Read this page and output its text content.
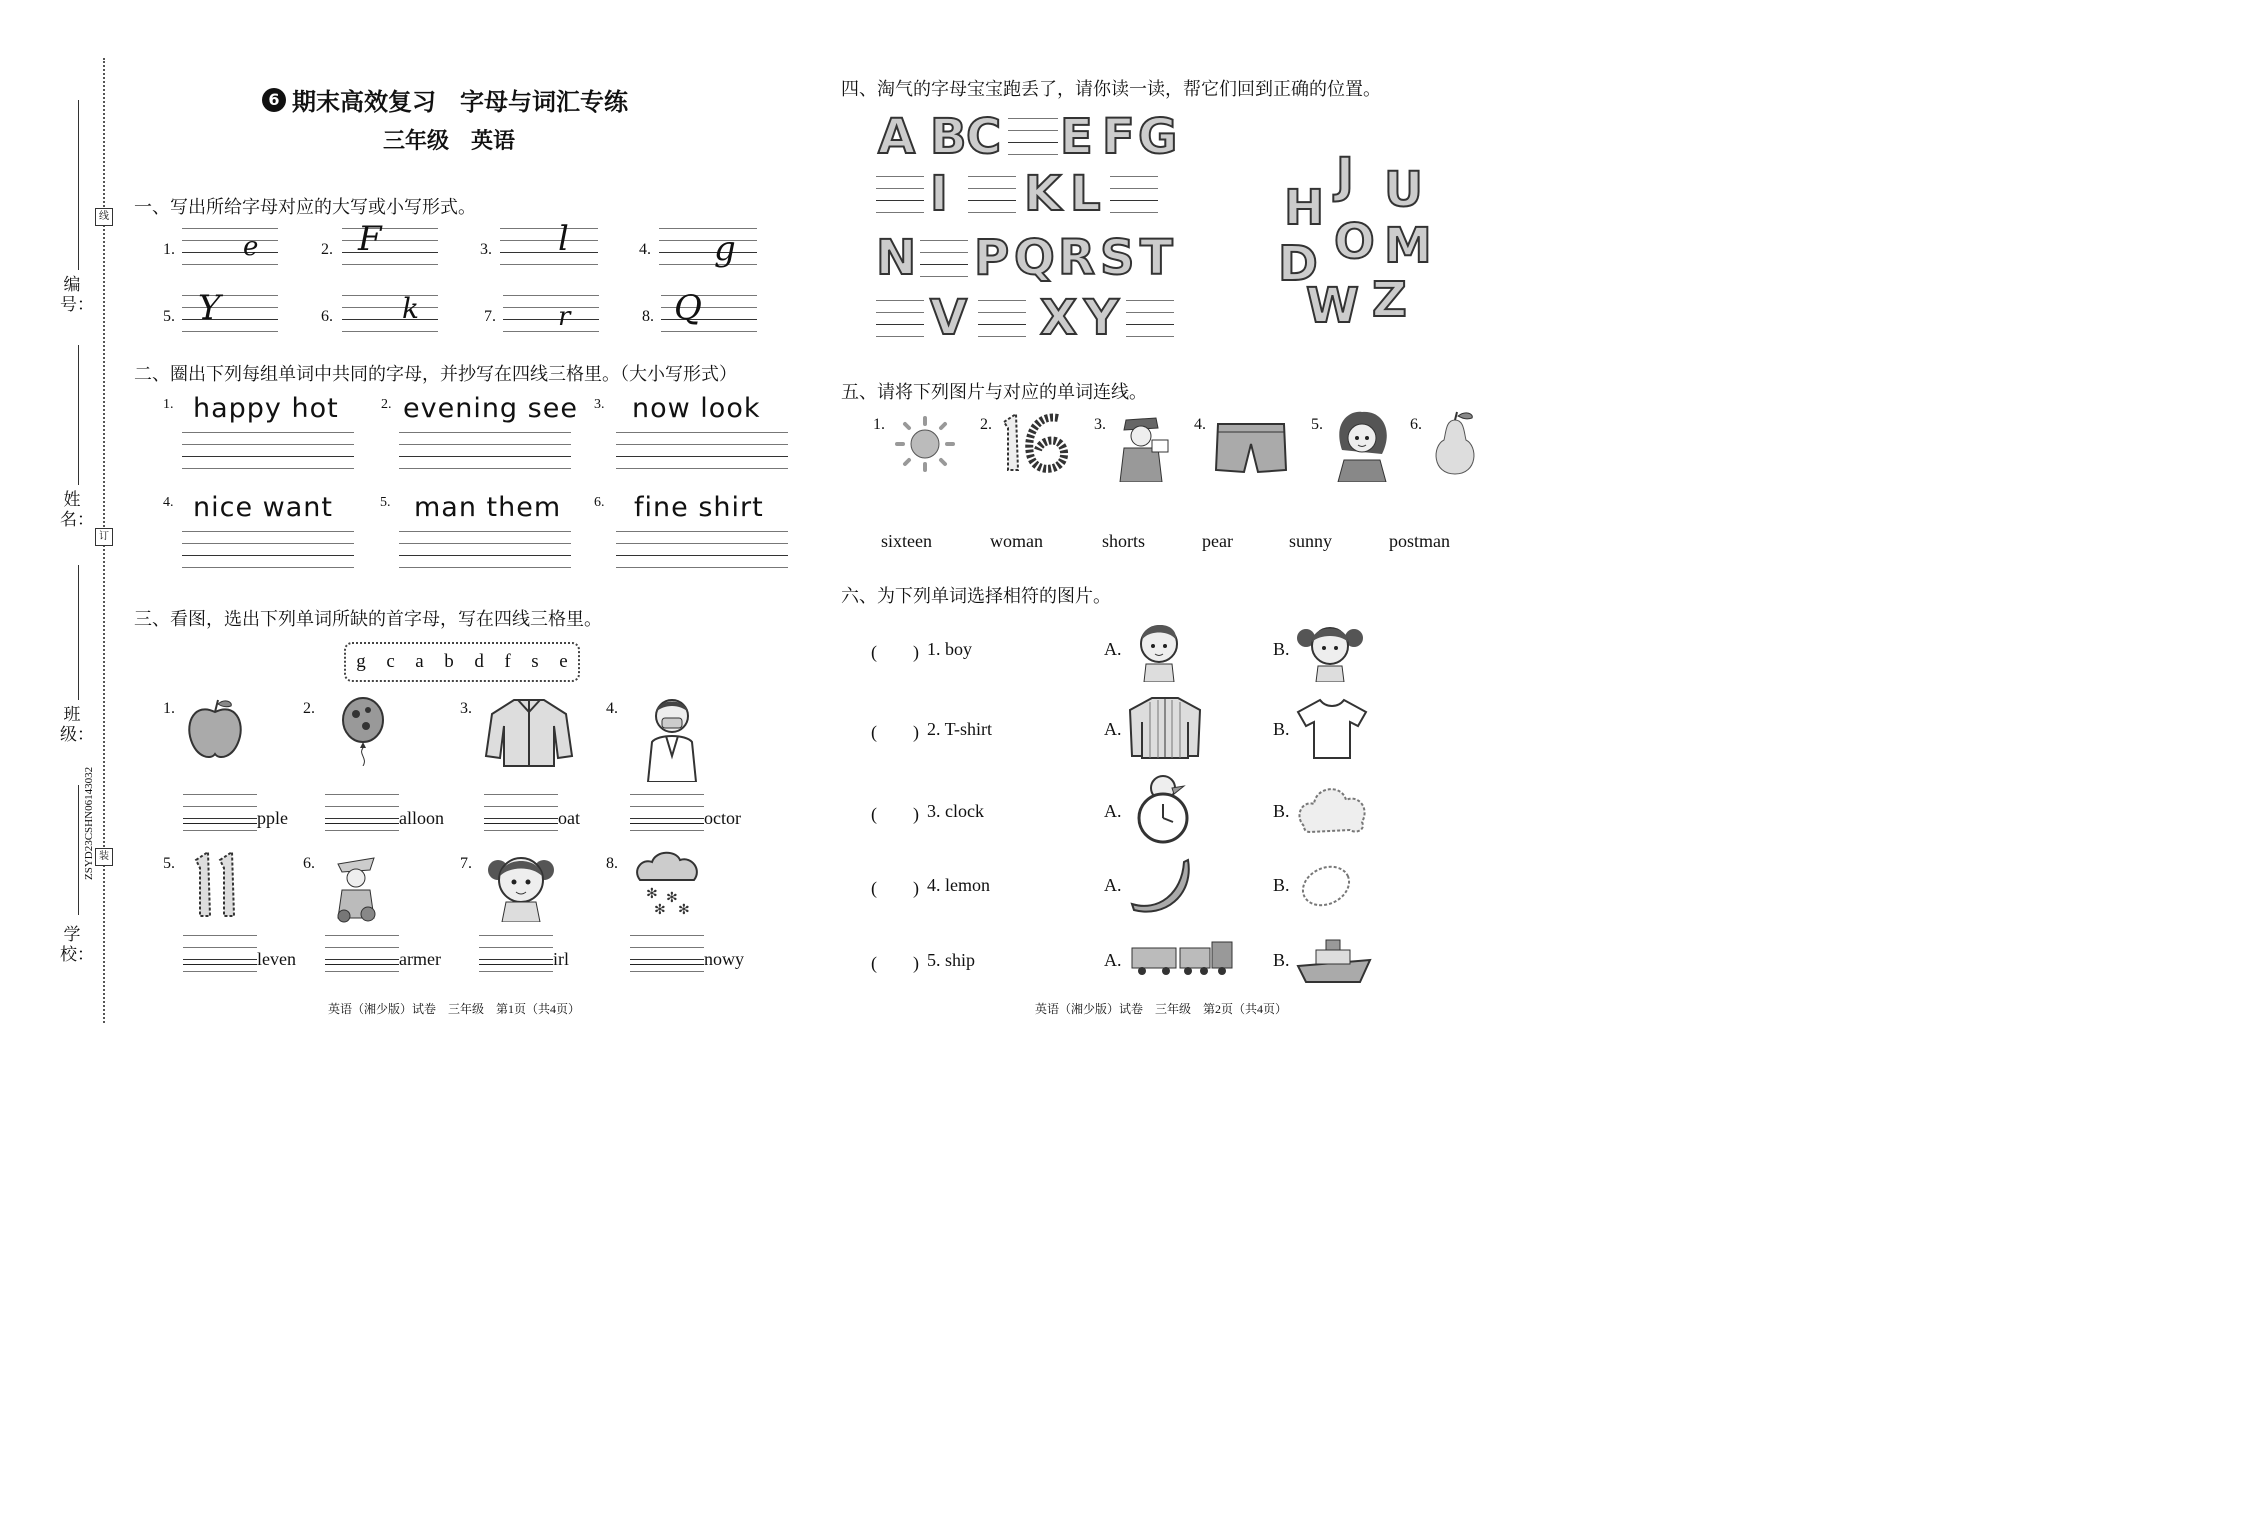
编号：
姓名：
班级：
学校：
线
订
装
ZSYD23CSHN06143032
6 期末高效复习　字母与词汇专练
三年级　英语
一、写出所给字母对应的大写或小写形式。
1.	e	2. F	3. l	4. g
5. Y	6. k	7. r	8. Q
二、圈出下列每组单词中共同的字母，并抄写在四线三格里。（大小写形式）
1. happy hot	2. evening see 3. now look
4. nice want	5. man them 6. fine shirt
三、看图，选出下列单词所缺的首字母，写在四线三格里。
g c a b d f s e
1.	2.	3.	4.
pple	alloon	oat	octor
5.	6.	7.	8.
✻ ✻
✻ ✻
leven	armer	irl	nowy
英语（湘少版）试卷　三年级　第1页（共4页）
四、淘气的字母宝宝跑丢了，请你读一读，帮它们回到正确的位置。
A B C E F G
I K L
N P Q R S T
V X Y
J U
H
O M
D
W Z
五、请将下列图片与对应的单词连线。
1.	2.	3.	4.	5.	6.
sixteen	woman	shorts	pear	sunny	postman
六、为下列单词选择相符的图片。
(　　) 1. boy	A.	B.
(　　) 2. T-shirt	A.	B.
(　　) 3. clock	A.	B.
(　　) 4. lemon	A.	B.
(　　) 5. ship	A.	B.
英语（湘少版）试卷　三年级　第2页（共4页）
